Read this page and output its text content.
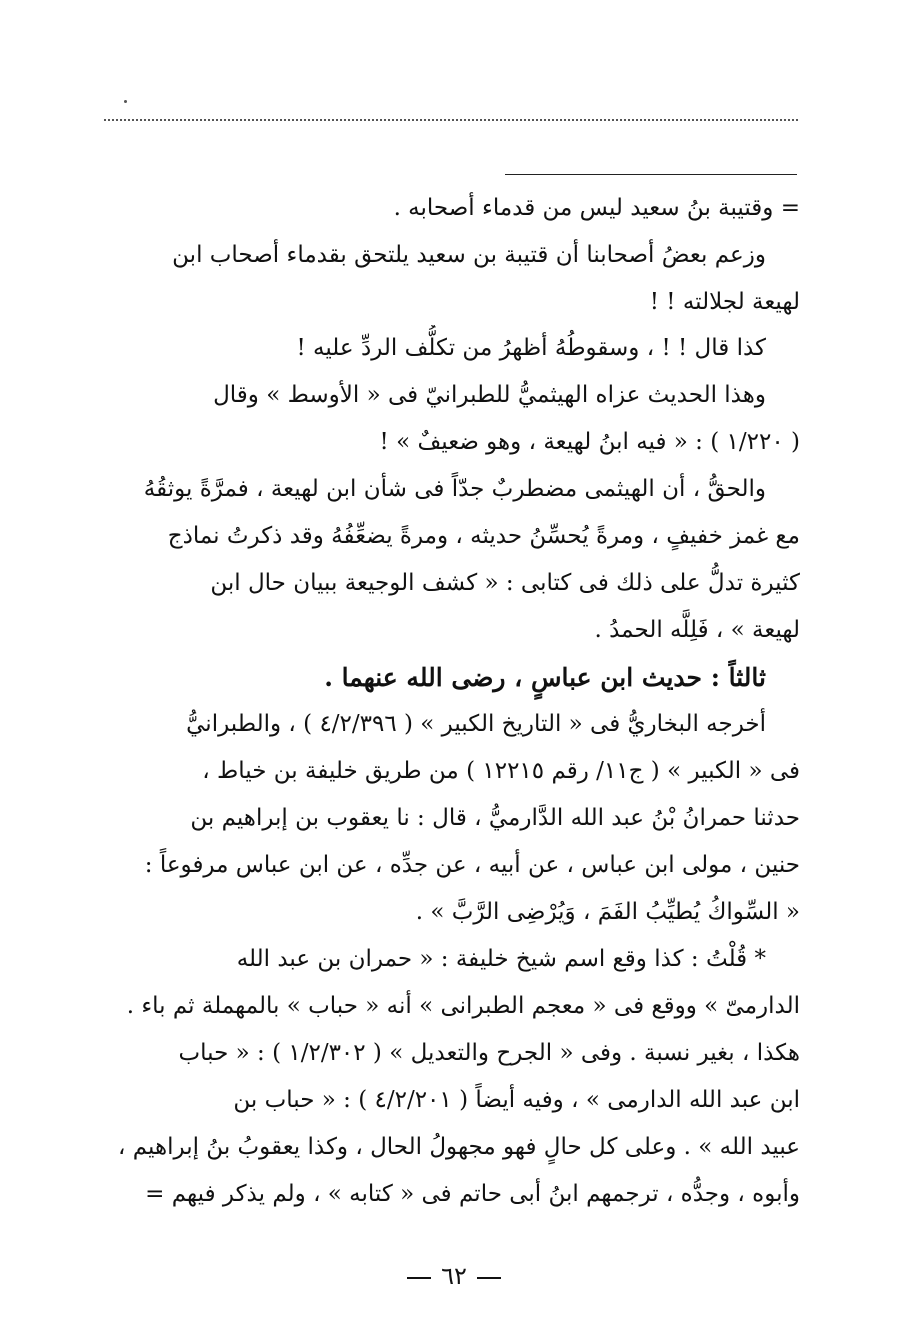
= وقتيبة بنُ سعيد ليس من قدماء أصحابه .
وزعم بعضُ أصحابنا أن قتيبة بن سعيد يلتحق بقدماء أصحاب ابن
لهيعة لجلالته ! !
كذا قال ! ! ، وسقوطُهُ أظهرُ من تكلُّف الردِّ عليه !
وهذا الحديث عزاه الهيثميُّ للطبرانيّ فى « الأوسط » وقال
( ١/٢٢٠ ) : « فيه ابنُ لهيعة ، وهو ضعيفٌ » !
والحقُّ ، أن الهيثمى مضطربٌ جدّاً فى شأن ابن لهيعة ، فمرَّةً يوثقُهُ
مع غمز خفيفٍ ، ومرةً يُحسِّنُ حديثه ، ومرةً يضعِّفُهُ وقد ذكرتُ نماذج
كثيرة تدلُّ على ذلك فى كتابى : « كشف الوجيعة ببيان حال ابن
لهيعة » ، فَلِلَّه الحمدُ .
ثالثاً : حديث ابن عباسٍ ، رضى الله عنهما .
أخرجه البخاريُّ فى « التاريخ الكبير » ( ٤/٢/٣٩٦ ) ، والطبرانيُّ
فى « الكبير » ( ج١١/ رقم ١٢٢١٥ ) من طريق خليفة بن خياط ،
حدثنا حمرانُ بْنُ عبد الله الدَّارميُّ ، قال : نا يعقوب بن إبراهيم بن
حنين ، مولى ابن عباس ، عن أبيه ، عن جدِّه ، عن ابن عباس مرفوعاً :
« السِّواكُ يُطيِّبُ الفَمَ ، وَيُرْضِى الرَّبَّ » .
* قُلْتُ : كذا وقع اسم شيخ خليفة : « حمران بن عبد الله
الدارمىّ » ووقع فى « معجم الطبرانى » أنه « حباب » بالمهملة ثم باء .
هكذا ، بغير نسبة . وفى « الجرح والتعديل » ( ١/٢/٣٠٢ ) : « حباب
ابن عبد الله الدارمى » ، وفيه أيضاً ( ٤/٢/٢٠١ ) : « حباب بن
عبيد الله » . وعلى كل حالٍ فهو مجهولُ الحال ، وكذا يعقوبُ بنُ إبراهيم ،
وأبوه ، وجدُّه ، ترجمهم ابنُ أبى حاتم فى « كتابه » ، ولم يذكر فيهم =
٦٢
